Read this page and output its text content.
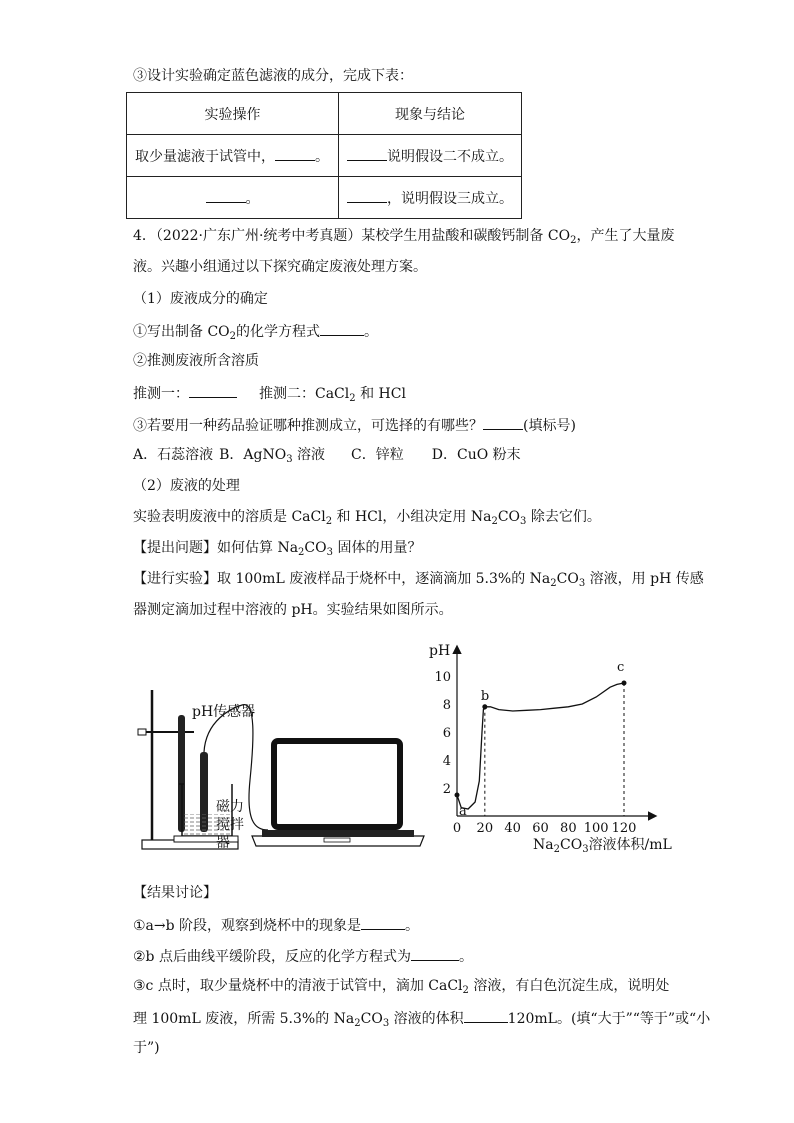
③设计实验确定蓝色滤液的成分，完成下表：
实验操作	现象与结论
取少量滤液于试管中， 。	说明假设二不成立。
。	，说明假设三成立。
4．（2022·广东广州·统考中考真题）某校学生用盐酸和碳酸钙制备 $CO_2$，产生了大量废
液。兴趣小组通过以下探究确定废液处理方案。
（1）废液成分的确定
①写出制备 $CO_2$的化学方程式	。
②推测废液所含溶质
推测一：	推测二：CaCl$_2$ 和 HCl
③若要用一种药品验证哪种推测成立，可选择的有哪些？	(填标号)
A．石蕊溶液 B．AgNO$_3$ 溶液 C．锌粒 D．CuO 粉末
（2）废液的处理
实验表明废液中的溶质是 CaCl$_2$ 和 HCl，小组决定用 $Na_2CO_3$ 除去它们。
【提出问题】如何估算 $Na_2CO_3$ 固体的用量？
【进行实验】取 100mL 废液样品于烧杯中，逐滴滴加 5.3%的 $Na_2CO_3$ 溶液，用 pH 传感
器测定滴加过程中溶液的 pH。实验结果如图所示。
pH传感器
磁力
搅拌
器
pH
$Na_2CO_3$溶液体积/mL
0 20 40 60 80 100 120
2
4
6
8
10
a
b
c
【结果讨论】
①a→b 阶段，观察到烧杯中的现象是	。
②b 点后曲线平缓阶段，反应的化学方程式为	。
③c 点时，取少量烧杯中的清液于试管中，滴加 CaCl$_2$ 溶液，有白色沉淀生成，说明处
理 100mL 废液，所需 5.3%的 $Na_2CO_3$ 溶液的体积	120mL。(填“大于”“等于”或“小
于”)
